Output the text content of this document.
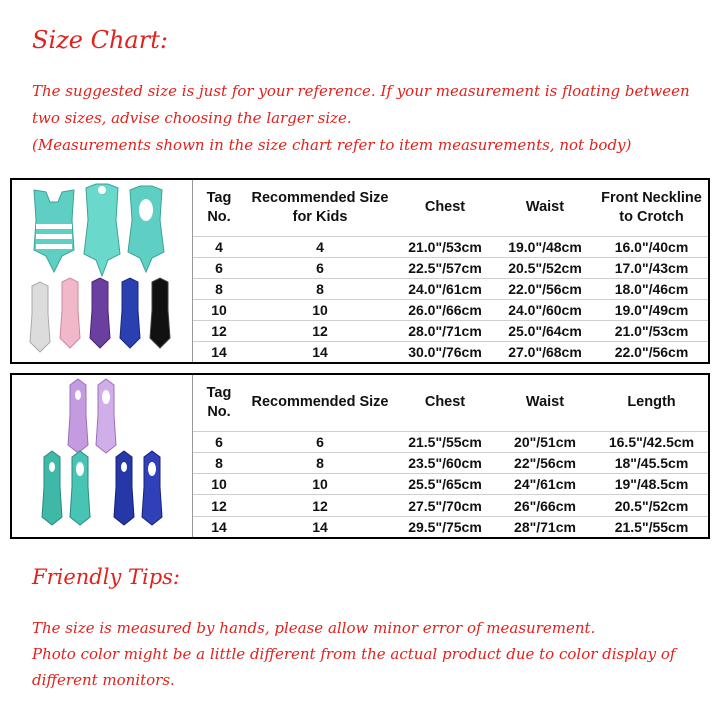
Size Chart:

The suggested size is just for your reference. If your measurement is floating between two sizes, advise choosing the larger size.

(Measurements shown in the size chart refer to item measurements, not body)

Tag No.	Recommended Size for Kids	Chest	Waist	Front Neckline to Crotch
4	4	21.0"/53cm	19.0"/48cm	16.0"/40cm
6	6	22.5"/57cm	20.5"/52cm	17.0"/43cm
8	8	24.0"/61cm	22.0"/56cm	18.0"/46cm
10	10	26.0"/66cm	24.0"/60cm	19.0"/49cm
12	12	28.0"/71cm	25.0"/64cm	21.0"/53cm
14	14	30.0"/76cm	27.0"/68cm	22.0"/56cm
Tag No.	Recommended Size	Chest	Waist	Length
6	6	21.5"/55cm	20"/51cm	16.5"/42.5cm
8	8	23.5"/60cm	22"/56cm	18"/45.5cm
10	10	25.5"/65cm	24"/61cm	19"/48.5cm
12	12	27.5"/70cm	26"/66cm	20.5"/52cm
14	14	29.5"/75cm	28"/71cm	21.5"/55cm
Friendly Tips:

The size is measured by hands, please allow minor error of measurement.

Photo color might be a little different from the actual product due to color display of different monitors.
